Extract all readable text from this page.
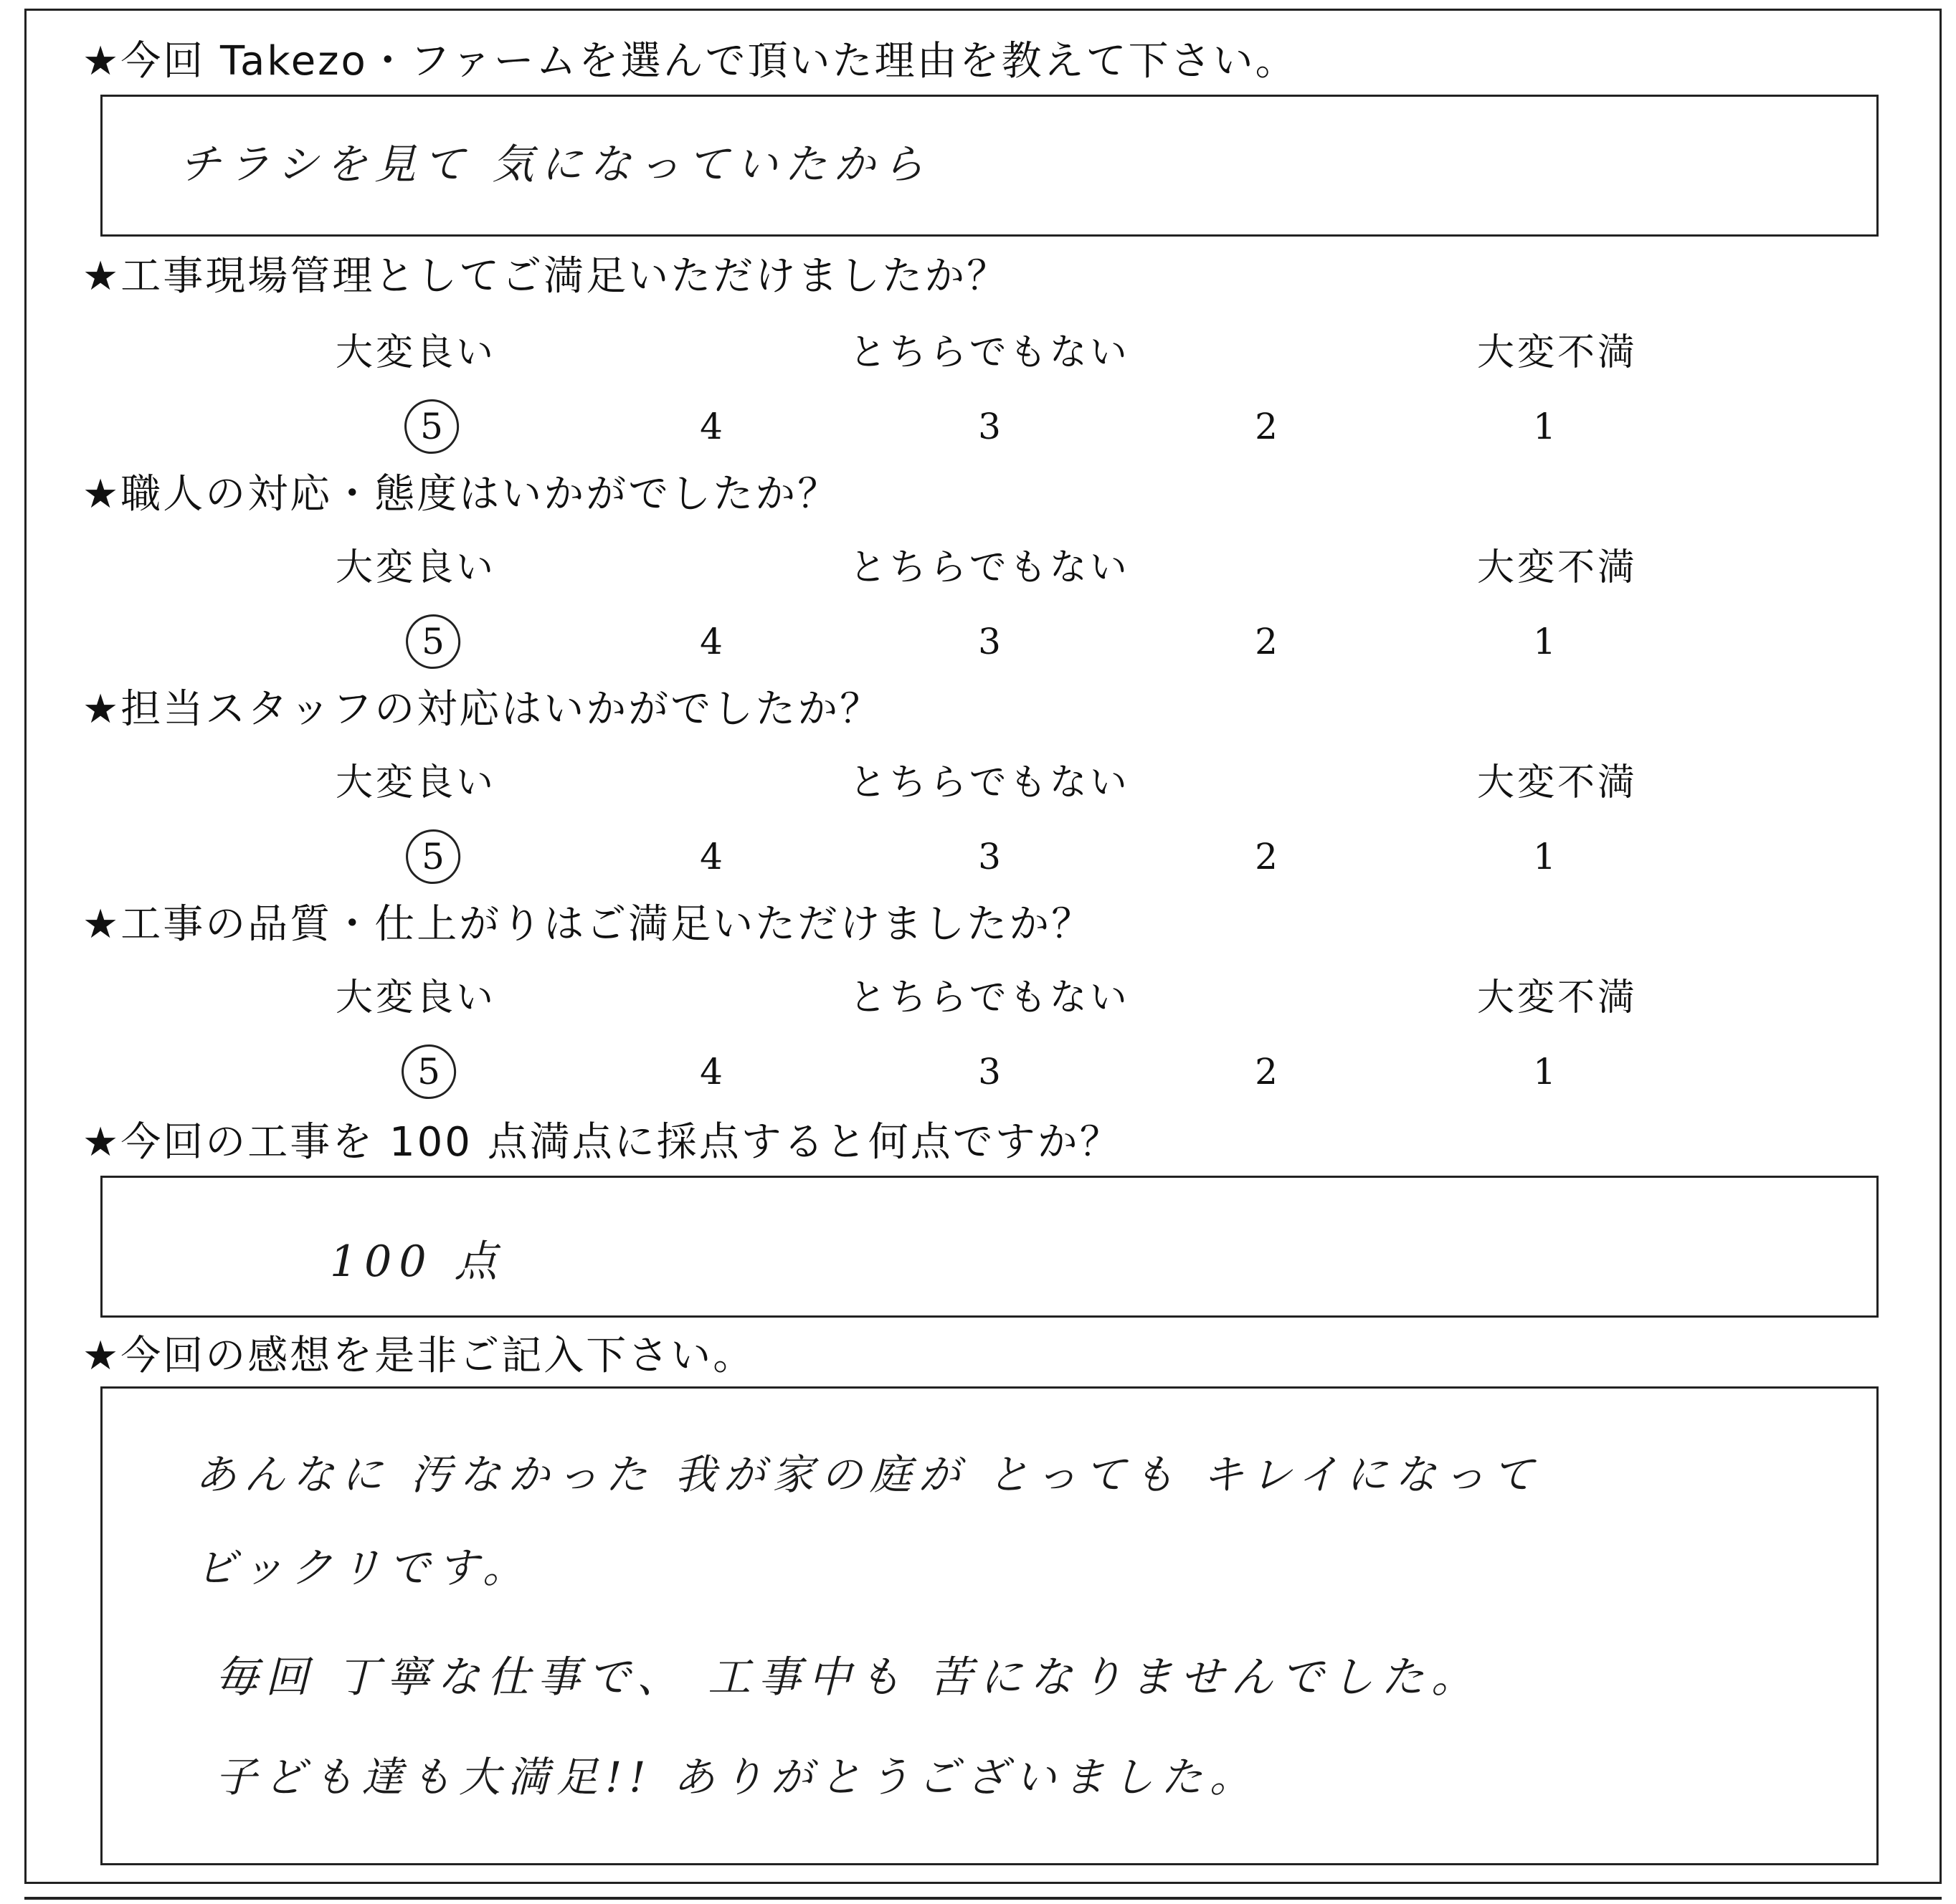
★今回 Takezo・ファームを選んで頂いた理由を教えて下さい。

チラシを見て 気になっていたから

★工事現場管理としてご満足いただけましたか？
大変良い	とちらでもない	大変不満
5	4	3	2	1
★職人の対応・態度はいかがでしたか？
大変良い	とちらでもない	大変不満
5	4	3	2	1
★担当スタッフの対応はいかがでしたか？
大変良い	とちらでもない	大変不満
5	4	3	2	1
★工事の品質・仕上がりはご満足いただけましたか？
大変良い	とちらでもない	大変不満
5	4	3	2	1
★今回の工事を 100 点満点に採点すると何点ですか？

100 点

★今回の感想を是非ご記入下さい。

あんなに 汚なかった 我が家の庭が とっても キレイになって

ビックリです。

毎回 丁寧な仕事で、 工事中も 苦になりませんでした。

子ども達も大満足!! ありがとうございました。
